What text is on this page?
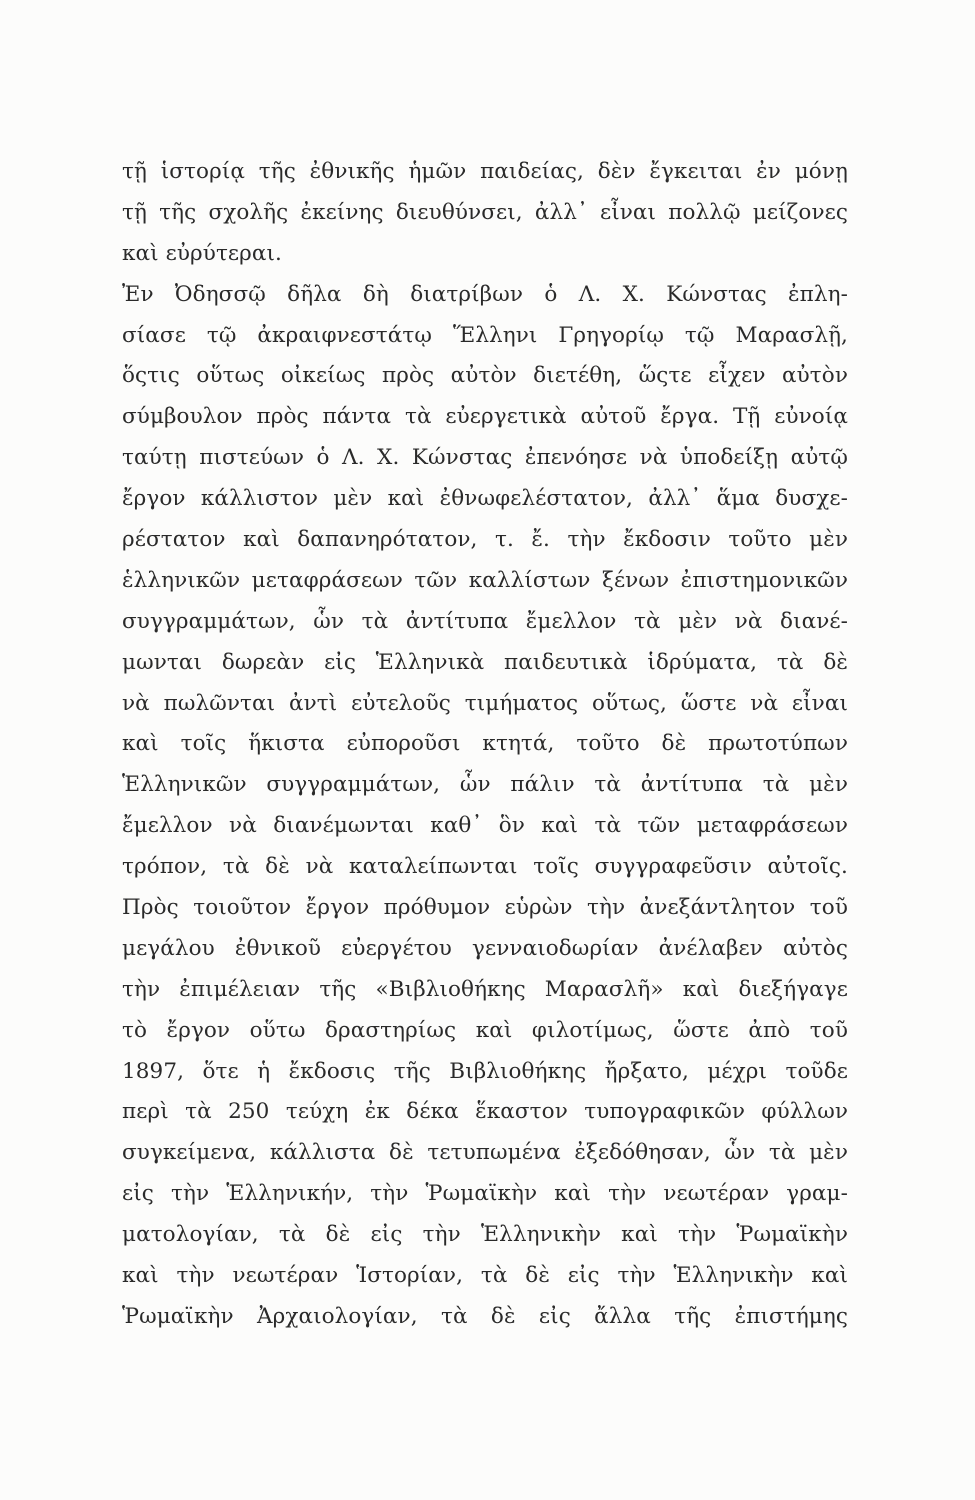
τῇ ἱστορίᾳ τῆς ἐθνικῆς ἡμῶν παιδείας, δὲν ἔγκειται ἐν μόνῃ
τῇ τῆς σχολῆς ἐκείνης διευθύνσει, ἀλλ᾽ εἶναι πολλῷ μείζονες
καὶ εὐρύτεραι.
Ἐν Ὀδησσῷ δῆλα δὴ διατρίβων ὁ Λ. Χ. Κώνστας ἐπλη-
σίασε τῷ ἀκραιφνεστάτῳ Ἕλληνι Γρηγορίῳ τῷ Μαρασλῇ,
ὅςτις οὕτως οἰκείως πρὸς αὐτὸν διετέθη, ὥςτε εἶχεν αὐτὸν
σύμβουλον πρὸς πάντα τὰ εὐεργετικὰ αὐτοῦ ἔργα. Τῇ εὐνοίᾳ
ταύτῃ πιστεύων ὁ Λ. Χ. Κώνστας ἐπενόησε νὰ ὑποδείξῃ αὐτῷ
ἔργον κάλλιστον μὲν καὶ ἐθνωφελέστατον, ἀλλ᾽ ἅμα δυσχε-
ρέστατον καὶ δαπανηρότατον, τ. ἔ. τὴν ἔκδοσιν τοῦτο μὲν
ἑλληνικῶν μεταφράσεων τῶν καλλίστων ξένων ἐπιστημονικῶν
συγγραμμάτων, ὧν τὰ ἀντίτυπα ἔμελλον τὰ μὲν νὰ διανέ-
μωνται δωρεὰν εἰς Ἑλληνικὰ παιδευτικὰ ἱδρύματα, τὰ δὲ
νὰ πωλῶνται ἀντὶ εὐτελοῦς τιμήματος οὕτως, ὥστε νὰ εἶναι
καὶ τοῖς ἥκιστα εὐποροῦσι κτητά, τοῦτο δὲ πρωτοτύπων
Ἑλληνικῶν συγγραμμάτων, ὧν πάλιν τὰ ἀντίτυπα τὰ μὲν
ἔμελλον νὰ διανέμωνται καθ᾽ ὃν καὶ τὰ τῶν μεταφράσεων
τρόπον, τὰ δὲ νὰ καταλείπωνται τοῖς συγγραφεῦσιν αὐτοῖς.
Πρὸς τοιοῦτον ἔργον πρόθυμον εὑρὼν τὴν ἀνεξάντλητον τοῦ
μεγάλου ἐθνικοῦ εὐεργέτου γενναιοδωρίαν ἀνέλαβεν αὐτὸς
τὴν ἐπιμέλειαν τῆς «Βιβλιοθήκης Μαρασλῆ» καὶ διεξήγαγε
τὸ ἔργον οὕτω δραστηρίως καὶ φιλοτίμως, ὥστε ἀπὸ τοῦ
1897, ὅτε ἡ ἔκδοσις τῆς Βιβλιοθήκης ἤρξατο, μέχρι τοῦδε
περὶ τὰ 250 τεύχη ἐκ δέκα ἕκαστον τυπογραφικῶν φύλλων
συγκείμενα, κάλλιστα δὲ τετυπωμένα ἐξεδόθησαν, ὧν τὰ μὲν
εἰς τὴν Ἑλληνικήν, τὴν Ῥωμαϊκὴν καὶ τὴν νεωτέραν γραμ-
ματολογίαν, τὰ δὲ εἰς τὴν Ἑλληνικὴν καὶ τὴν Ῥωμαϊκὴν
καὶ τὴν νεωτέραν Ἱστορίαν, τὰ δὲ εἰς τὴν Ἑλληνικὴν καὶ
Ῥωμαϊκὴν Ἀρχαιολογίαν, τὰ δὲ εἰς ἄλλα τῆς ἐπιστήμης
